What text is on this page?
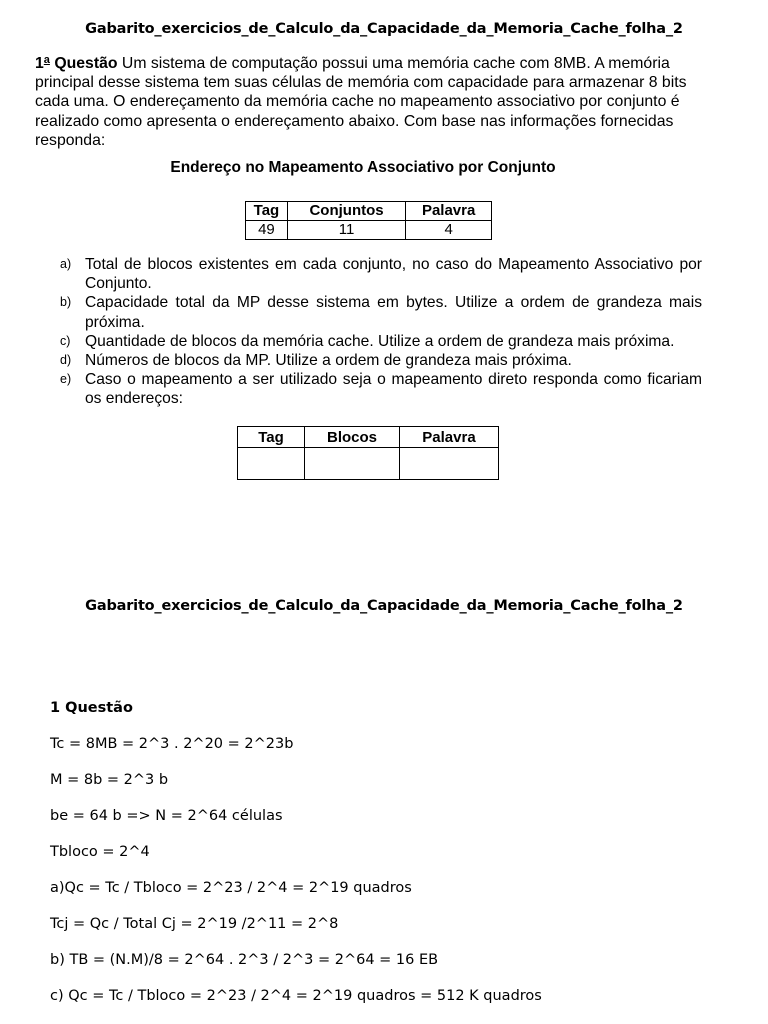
Gabarito_exercicios_de_Calculo_da_Capacidade_da_Memoria_Cache_folha_2
1$^a$ Questão Um sistema de computação possui uma memória cache com 8MB. A memória principal desse sistema tem suas células de memória com capacidade para armazenar 8 bits cada uma. O endereçamento da memória cache no mapeamento associativo por conjunto é realizado como apresenta o endereçamento abaixo. Com base nas informações fornecidas responda:
Endereço no Mapeamento Associativo por Conjunto
Tag	Conjuntos	Palavra
49	11	4
a) Total de blocos existentes em cada conjunto, no caso do Mapeamento Associativo por Conjunto.
b) Capacidade total da MP desse sistema em bytes. Utilize a ordem de grandeza mais próxima.
c) Quantidade de blocos da memória cache. Utilize a ordem de grandeza mais próxima.
d) Números de blocos da MP. Utilize a ordem de grandeza mais próxima.
e) Caso o mapeamento a ser utilizado seja o mapeamento direto responda como ficariam os endereços:
Tag	Blocos	Palavra

Gabarito_exercicios_de_Calculo_da_Capacidade_da_Memoria_Cache_folha_2
1 Questão
Tc = 8MB = 2^3 . 2^20 = 2^23b
M = 8b = 2^3 b
be = 64 b => N = 2^64 células
Tbloco = 2^4
a)Qc = Tc / Tbloco = 2^23 / 2^4 = 2^19 quadros
Tcj = Qc / Total Cj = 2^19 /2^11 = 2^8
b) TB = (N.M)/8 = 2^64 . 2^3 / 2^3 = 2^64 = 16 EB
c) Qc = Tc / Tbloco = 2^23 / 2^4 = 2^19 quadros = 512 K quadros
